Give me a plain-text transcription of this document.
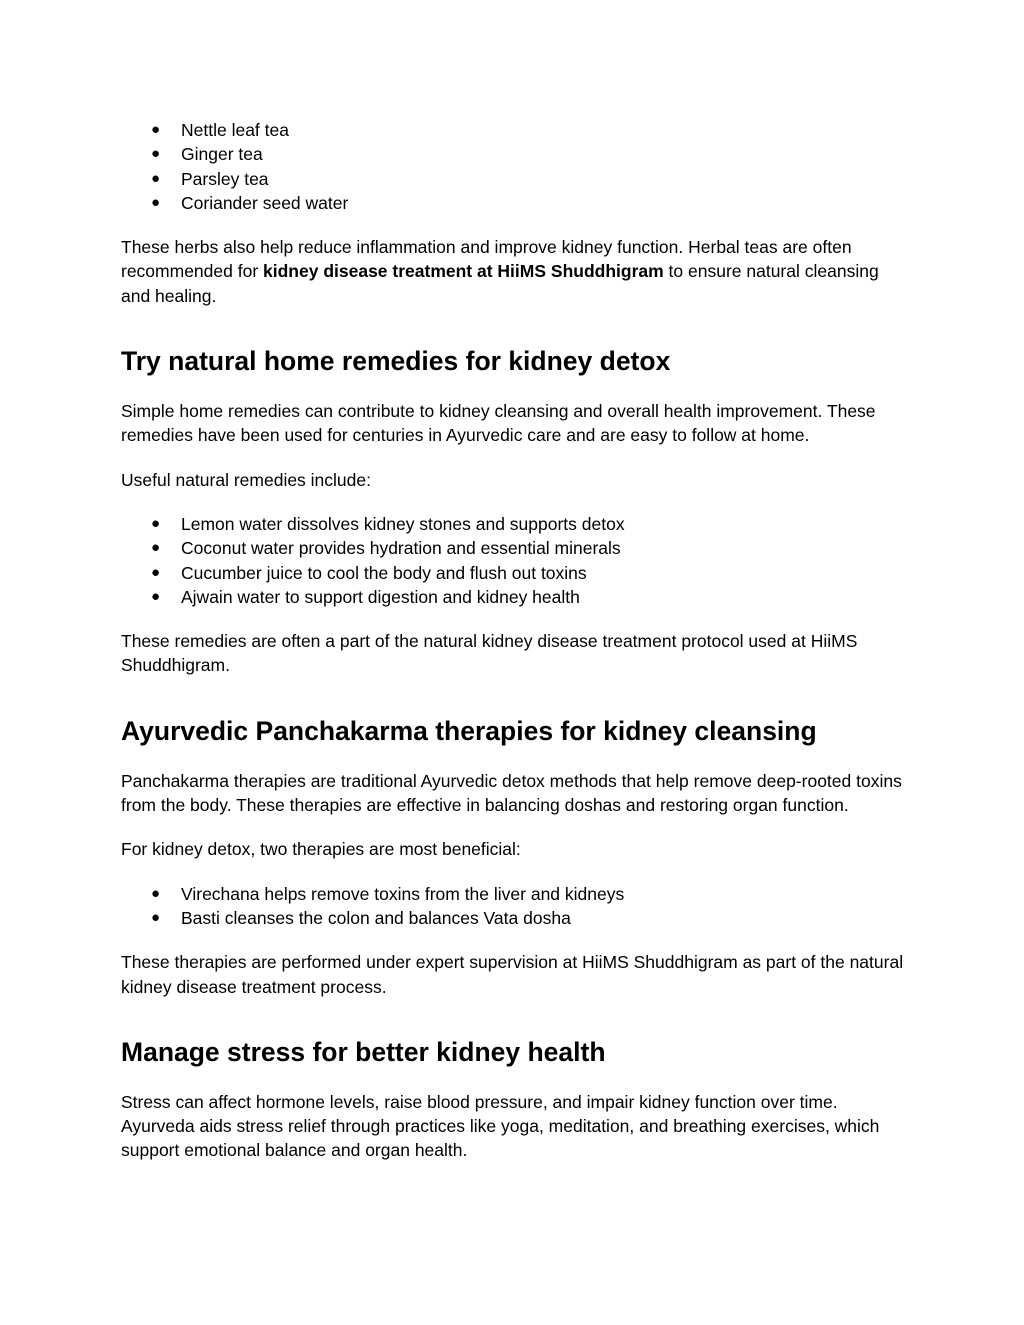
● Nettle leaf tea
● Ginger tea
● Parsley tea
● Coriander seed water

These herbs also help reduce inflammation and improve kidney function. Herbal teas are often recommended for kidney disease treatment at HiiMS Shuddhigram to ensure natural cleansing and healing.

Try natural home remedies for kidney detox

Simple home remedies can contribute to kidney cleansing and overall health improvement. These remedies have been used for centuries in Ayurvedic care and are easy to follow at home.

Useful natural remedies include:

● Lemon water dissolves kidney stones and supports detox
● Coconut water provides hydration and essential minerals
● Cucumber juice to cool the body and flush out toxins
● Ajwain water to support digestion and kidney health

These remedies are often a part of the natural kidney disease treatment protocol used at HiiMS Shuddhigram.

Ayurvedic Panchakarma therapies for kidney cleansing

Panchakarma therapies are traditional Ayurvedic detox methods that help remove deep-rooted toxins from the body. These therapies are effective in balancing doshas and restoring organ function.

For kidney detox, two therapies are most beneficial:

● Virechana helps remove toxins from the liver and kidneys
● Basti cleanses the colon and balances Vata dosha

These therapies are performed under expert supervision at HiiMS Shuddhigram as part of the natural kidney disease treatment process.

Manage stress for better kidney health

Stress can affect hormone levels, raise blood pressure, and impair kidney function over time. Ayurveda aids stress relief through practices like yoga, meditation, and breathing exercises, which support emotional balance and organ health.
